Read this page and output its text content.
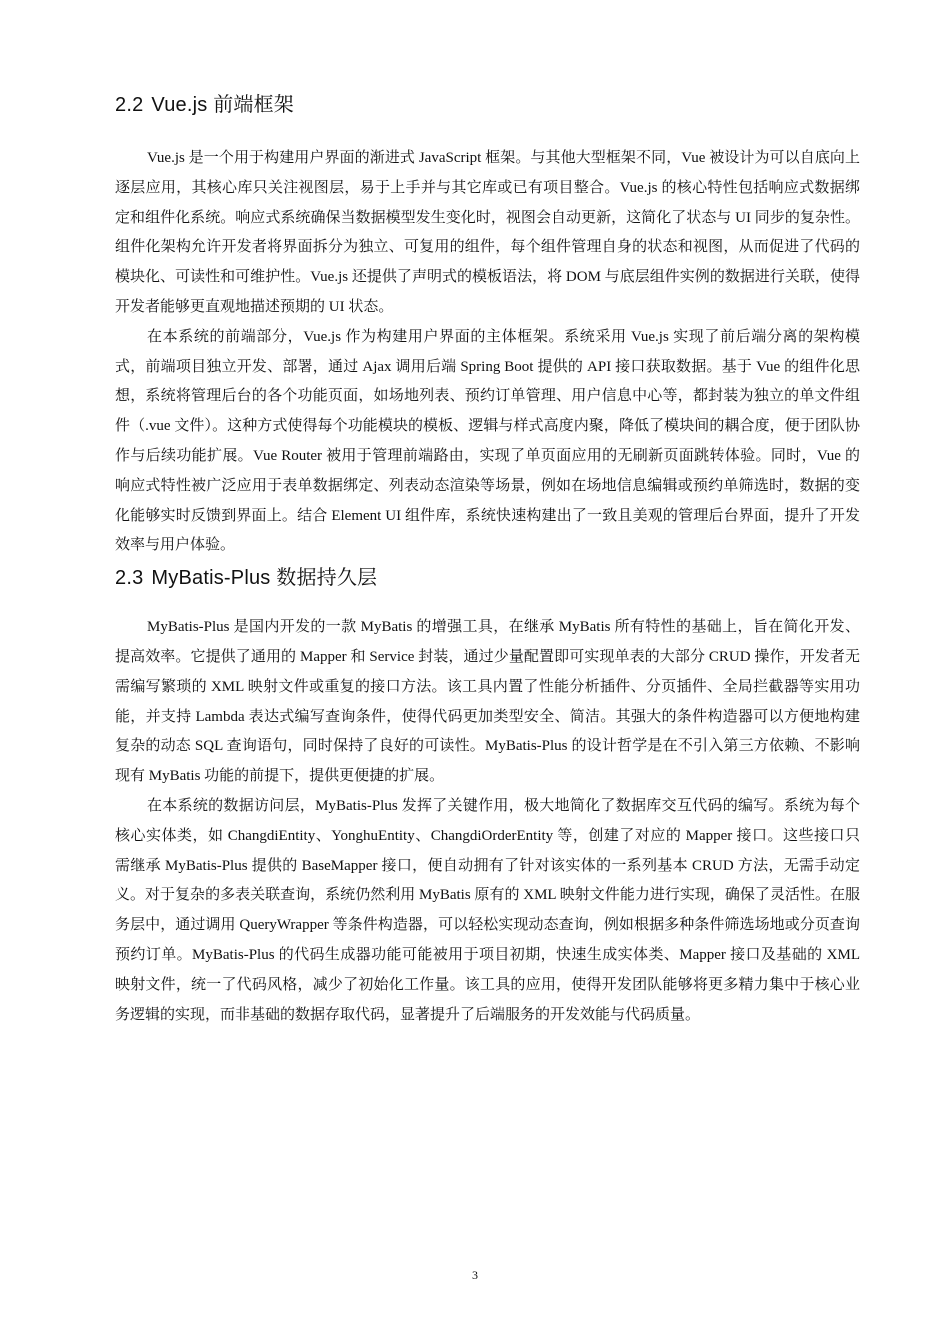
2.2 Vue.js 前端框架

Vue.js 是一个用于构建用户界面的渐进式 JavaScript 框架。与其他大型框架不同，Vue 被设计为可以自底向上逐层应用，其核心库只关注视图层，易于上手并与其它库或已有项目整合。Vue.js 的核心特性包括响应式数据绑定和组件化系统。响应式系统确保当数据模型发生变化时，视图会自动更新，这简化了状态与 UI 同步的复杂性。组件化架构允许开发者将界面拆分为独立、可复用的组件，每个组件管理自身的状态和视图，从而促进了代码的模块化、可读性和可维护性。Vue.js 还提供了声明式的模板语法，将 DOM 与底层组件实例的数据进行关联，使得开发者能够更直观地描述预期的 UI 状态。

在本系统的前端部分，Vue.js 作为构建用户界面的主体框架。系统采用 Vue.js 实现了前后端分离的架构模式，前端项目独立开发、部署，通过 Ajax 调用后端 Spring Boot 提供的 API 接口获取数据。基于 Vue 的组件化思想，系统将管理后台的各个功能页面，如场地列表、预约订单管理、用户信息中心等，都封装为独立的单文件组件（.vue 文件）。这种方式使得每个功能模块的模板、逻辑与样式高度内聚，降低了模块间的耦合度，便于团队协作与后续功能扩展。Vue Router 被用于管理前端路由，实现了单页面应用的无刷新页面跳转体验。同时，Vue 的响应式特性被广泛应用于表单数据绑定、列表动态渲染等场景，例如在场地信息编辑或预约单筛选时，数据的变化能够实时反馈到界面上。结合 Element UI 组件库，系统快速构建出了一致且美观的管理后台界面，提升了开发效率与用户体验。

2.3 MyBatis-Plus 数据持久层

MyBatis-Plus 是国内开发的一款 MyBatis 的增强工具，在继承 MyBatis 所有特性的基础上，旨在简化开发、提高效率。它提供了通用的 Mapper 和 Service 封装，通过少量配置即可实现单表的大部分 CRUD 操作，开发者无需编写繁琐的 XML 映射文件或重复的接口方法。该工具内置了性能分析插件、分页插件、全局拦截器等实用功能，并支持 Lambda 表达式编写查询条件，使得代码更加类型安全、简洁。其强大的条件构造器可以方便地构建复杂的动态 SQL 查询语句，同时保持了良好的可读性。MyBatis-Plus 的设计哲学是在不引入第三方依赖、不影响现有 MyBatis 功能的前提下，提供更便捷的扩展。

在本系统的数据访问层，MyBatis-Plus 发挥了关键作用，极大地简化了数据库交互代码的编写。系统为每个核心实体类，如 ChangdiEntity、YonghuEntity、ChangdiOrderEntity 等，创建了对应的 Mapper 接口。这些接口只需继承 MyBatis-Plus 提供的 BaseMapper 接口，便自动拥有了针对该实体的一系列基本 CRUD 方法，无需手动定义。对于复杂的多表关联查询，系统仍然利用 MyBatis 原有的 XML 映射文件能力进行实现，确保了灵活性。在服务层中，通过调用 QueryWrapper 等条件构造器，可以轻松实现动态查询，例如根据多种条件筛选场地或分页查询预约订单。MyBatis-Plus 的代码生成器功能可能被用于项目初期，快速生成实体类、Mapper 接口及基础的 XML 映射文件，统一了代码风格，减少了初始化工作量。该工具的应用，使得开发团队能够将更多精力集中于核心业务逻辑的实现，而非基础的数据存取代码，显著提升了后端服务的开发效能与代码质量。

3
